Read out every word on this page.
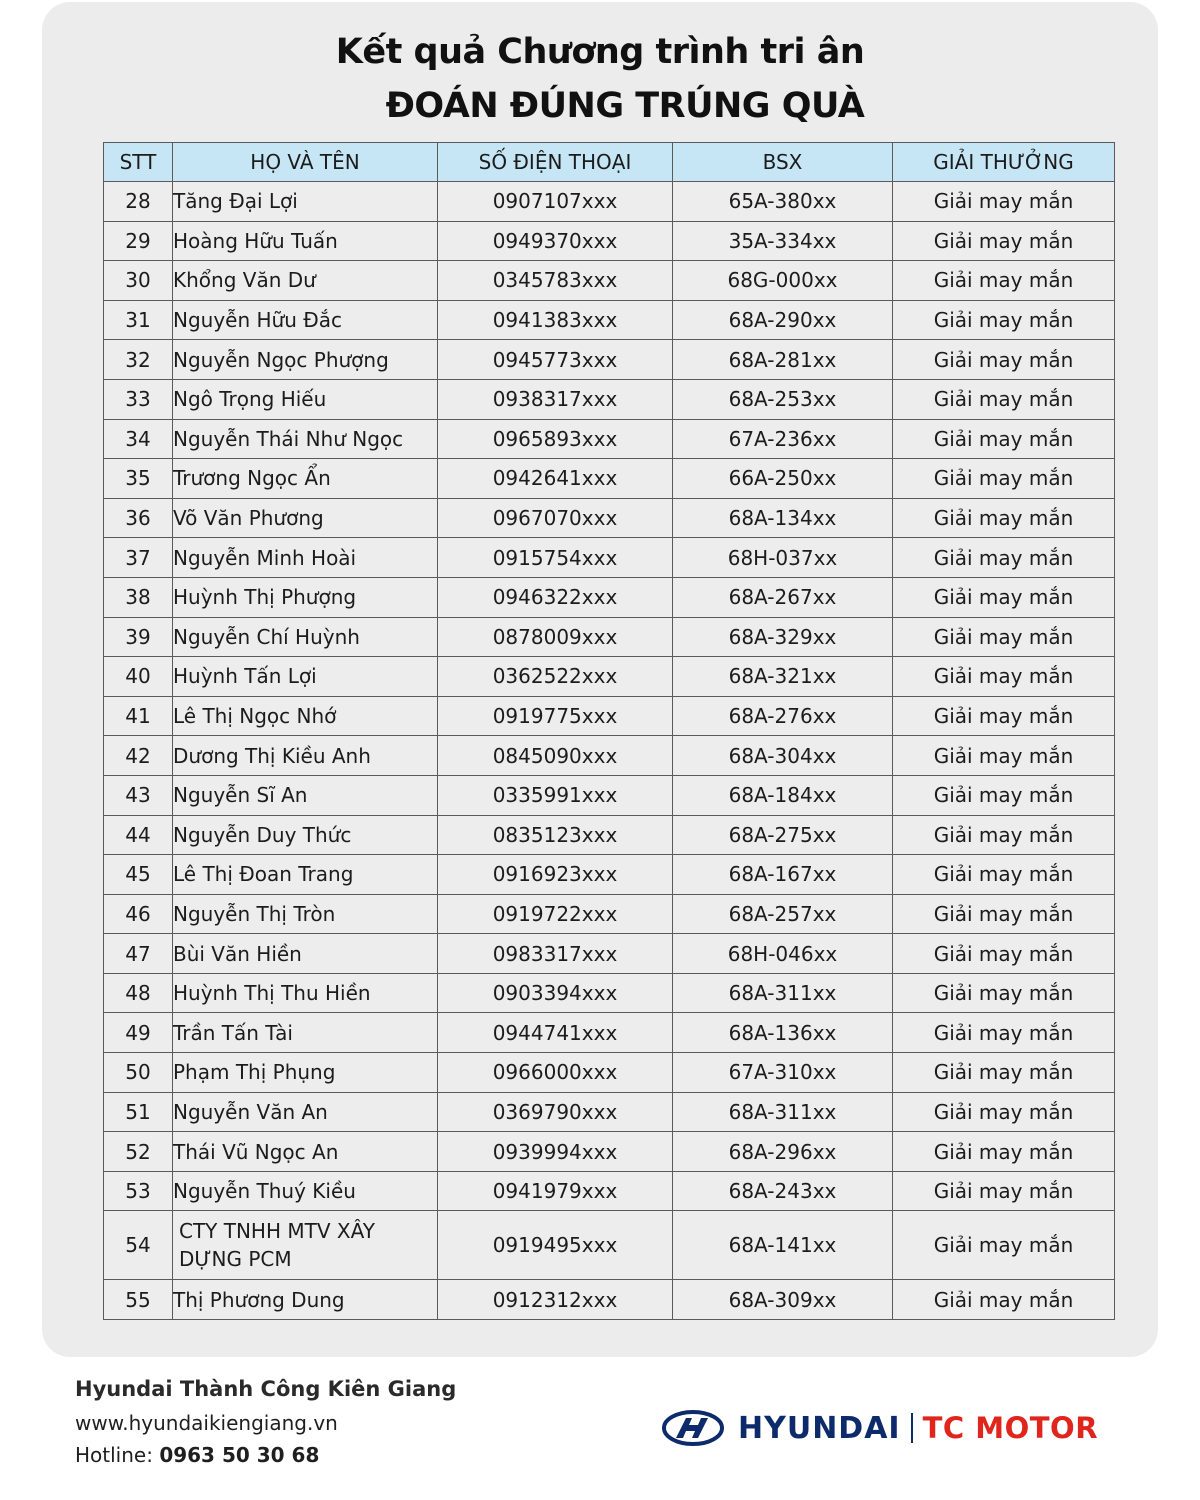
Kết quả Chương trình tri ân
ĐOÁN ĐÚNG TRÚNG QUÀ
STT	HỌ VÀ TÊN	SỐ ĐIỆN THOẠI	BSX	GIẢI THƯỞNG
28	Tăng Đại Lợi	0907107xxx	65A-380xx	Giải may mắn
29	Hoàng Hữu Tuấn	0949370xxx	35A-334xx	Giải may mắn
30	Khổng Văn Dư	0345783xxx	68G-000xx	Giải may mắn
31	Nguyễn Hữu Đắc	0941383xxx	68A-290xx	Giải may mắn
32	Nguyễn Ngọc Phượng	0945773xxx	68A-281xx	Giải may mắn
33	Ngô Trọng Hiếu	0938317xxx	68A-253xx	Giải may mắn
34	Nguyễn Thái Như Ngọc	0965893xxx	67A-236xx	Giải may mắn
35	Trương Ngọc Ẩn	0942641xxx	66A-250xx	Giải may mắn
36	Võ Văn Phương	0967070xxx	68A-134xx	Giải may mắn
37	Nguyễn Minh Hoài	0915754xxx	68H-037xx	Giải may mắn
38	Huỳnh Thị Phượng	0946322xxx	68A-267xx	Giải may mắn
39	Nguyễn Chí Huỳnh	0878009xxx	68A-329xx	Giải may mắn
40	Huỳnh Tấn Lợi	0362522xxx	68A-321xx	Giải may mắn
41	Lê Thị Ngọc Nhớ	0919775xxx	68A-276xx	Giải may mắn
42	Dương Thị Kiều Anh	0845090xxx	68A-304xx	Giải may mắn
43	Nguyễn Sĩ An	0335991xxx	68A-184xx	Giải may mắn
44	Nguyễn Duy Thức	0835123xxx	68A-275xx	Giải may mắn
45	Lê Thị Đoan Trang	0916923xxx	68A-167xx	Giải may mắn
46	Nguyễn Thị Tròn	0919722xxx	68A-257xx	Giải may mắn
47	Bùi Văn Hiền	0983317xxx	68H-046xx	Giải may mắn
48	Huỳnh Thị Thu Hiền	0903394xxx	68A-311xx	Giải may mắn
49	Trần Tấn Tài	0944741xxx	68A-136xx	Giải may mắn
50	Phạm Thị Phụng	0966000xxx	67A-310xx	Giải may mắn
51	Nguyễn Văn An	0369790xxx	68A-311xx	Giải may mắn
52	Thái Vũ Ngọc An	0939994xxx	68A-296xx	Giải may mắn
53	Nguyễn Thuý Kiều	0941979xxx	68A-243xx	Giải may mắn
54	CTY TNHH MTV XÂY DỰNG PCM	0919495xxx	68A-141xx	Giải may mắn
55	Thị Phương Dung	0912312xxx	68A-309xx	Giải may mắn
Hyundai Thành Công Kiên Giang
www.hyundaikiengiang.vn
Hotline: 0963 50 30 68
HYUNDAI TC MOTOR
